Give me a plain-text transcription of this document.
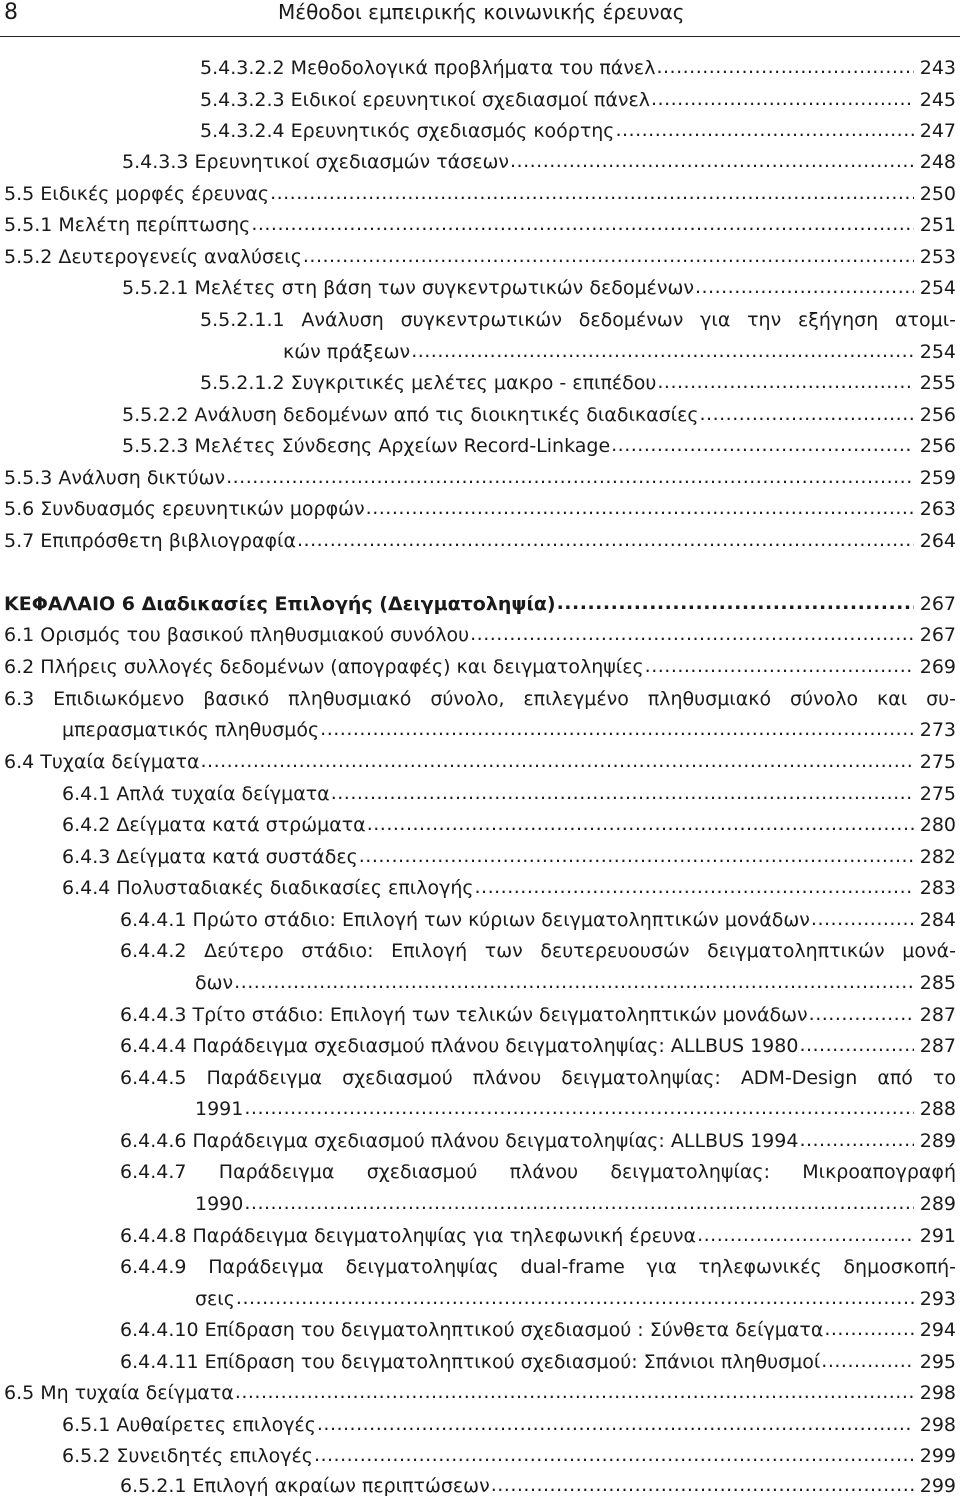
8	Μέθοδοι εμπειρικής κοινωνικής έρευνας
5.4.3.2.2 Μεθοδολογικά προβλήματα του πάνελ .....	243
5.4.3.2.3 Ειδικοί ερευνητικοί σχεδιασμοί πάνελ .....	245
5.4.3.2.4 Ερευνητικός σχεδιασμός κοόρτης .....	247
5.4.3.3 Ερευνητικοί σχεδιασμών τάσεων .....	248
5.5 Ειδικές μορφές έρευνας .....	250
5.5.1 Μελέτη περίπτωσης .....	251
5.5.2 Δευτερογενείς αναλύσεις .....	253
5.5.2.1 Μελέτες στη βάση των συγκεντρωτικών δεδομένων .....	254
5.5.2.1.1 Ανάλυση συγκεντρωτικών δεδομένων για την εξήγηση ατομι-
κών πράξεων .....	254
5.5.2.1.2 Συγκριτικές μελέτες μακρο - επιπέδου .....	255
5.5.2.2 Ανάλυση δεδομένων από τις διοικητικές διαδικασίες .....	256
5.5.2.3 Μελέτες Σύνδεσης Αρχείων Record-Linkage .....	256
5.5.3 Ανάλυση δικτύων .....	259
5.6 Συνδυασμός ερευνητικών μορφών .....	263
5.7 Επιπρόσθετη βιβλιογραφία .....	264
ΚΕΦΑΛΑΙΟ 6 Διαδικασίες Επιλογής (Δειγματοληψία) .....	267
6.1 Ορισμός του βασικού πληθυσμιακού συνόλου .....	267
6.2 Πλήρεις συλλογές δεδομένων (απογραφές) και δειγματοληψίες .....	269
6.3 Επιδιωκόμενο βασικό πληθυσμιακό σύνολο, επιλεγμένο πληθυσμιακό σύνολο και συ-
μπερασματικός πληθυσμός .....	273
6.4 Τυχαία δείγματα .....	275
6.4.1 Απλά τυχαία δείγματα .....	275
6.4.2 Δείγματα κατά στρώματα .....	280
6.4.3 Δείγματα κατά συστάδες .....	282
6.4.4 Πολυσταδιακές διαδικασίες επιλογής .....	283
6.4.4.1 Πρώτο στάδιο: Επιλογή των κύριων δειγματοληπτικών μονάδων .....	284
6.4.4.2 Δεύτερο στάδιο: Επιλογή των δευτερευουσών δειγματοληπτικών μονά-
δων .....	285
6.4.4.3 Τρίτο στάδιο: Επιλογή των τελικών δειγματοληπτικών μονάδων .....	287
6.4.4.4 Παράδειγμα σχεδιασμού πλάνου δειγματοληψίας: ALLBUS 1980 .....	287
6.4.4.5 Παράδειγμα σχεδιασμού πλάνου δειγματοληψίας: ADM-Design από το
1991 .....	288
6.4.4.6 Παράδειγμα σχεδιασμού πλάνου δειγματοληψίας: ALLBUS 1994 .....	289
6.4.4.7 Παράδειγμα σχεδιασμού πλάνου δειγματοληψίας: Μικροαπογραφή
1990 .....	289
6.4.4.8 Παράδειγμα δειγματοληψίας για τηλεφωνική έρευνα .....	291
6.4.4.9 Παράδειγμα δειγματοληψίας dual-frame για τηλεφωνικές δημοσκοπή-
σεις .....	293
6.4.4.10 Επίδραση του δειγματοληπτικού σχεδιασμού : Σύνθετα δείγματα .....	294
6.4.4.11 Επίδραση του δειγματοληπτικού σχεδιασμού: Σπάνιοι πληθυσμοί .....	295
6.5 Μη τυχαία δείγματα .....	298
6.5.1 Αυθαίρετες επιλογές .....	298
6.5.2 Συνειδητές επιλογές .....	299
6.5.2.1 Επιλογή ακραίων περιπτώσεων .....	299
